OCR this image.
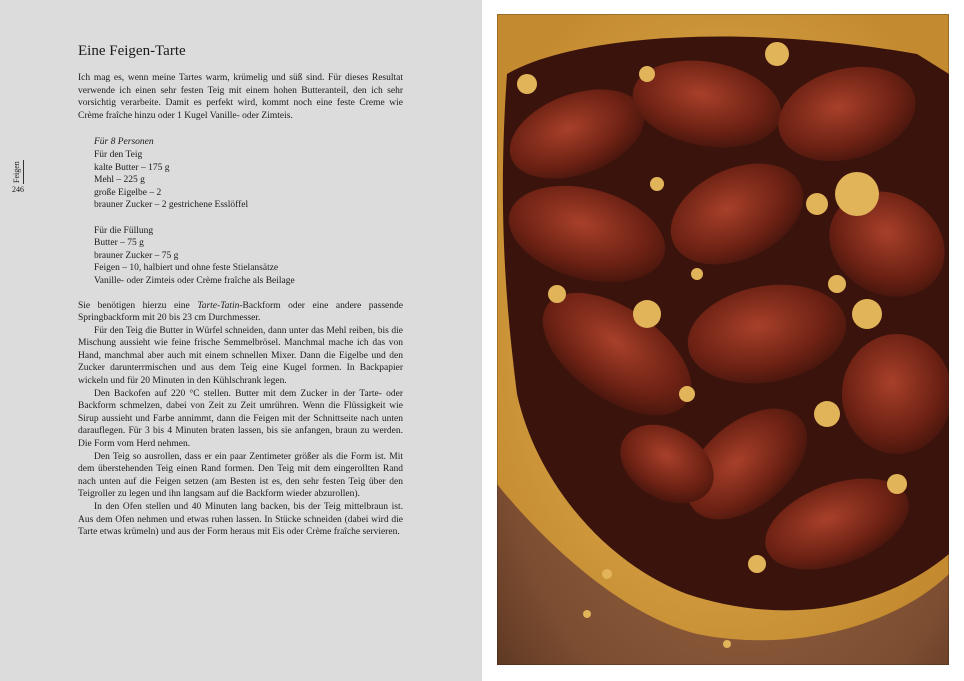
Feigen
246
Eine Feigen-Tarte

Ich mag es, wenn meine Tartes warm, krümelig und süß sind. Für dieses Resultat verwende ich einen sehr festen Teig mit einem hohen Butteranteil, den ich sehr vorsichtig verarbeite. Damit es perfekt wird, kommt noch eine feste Creme wie Crème fraîche hinzu oder 1 Kugel Vanille- oder Zimteis.

Für 8 Personen
Für den Teig
kalte Butter – 175 g
Mehl – 225 g
große Eigelbe – 2
brauner Zucker – 2 gestrichene Esslöffel
Für die Füllung
Butter – 75 g
brauner Zucker – 75 g
Feigen – 10, halbiert und ohne feste Stielansätze
Vanille- oder Zimteis oder Crème fraîche als Beilage
Sie benötigen hierzu eine Tarte-Tatin-Backform oder eine andere passende Springbackform mit 20 bis 23 cm Durchmesser.
Für den Teig die Butter in Würfel schneiden, dann unter das Mehl reiben, bis die Mischung aussieht wie feine frische Semmelbrösel. Manchmal mache ich das von Hand, manchmal aber auch mit einem schnellen Mixer. Dann die Eigelbe und den Zucker darunterrmischen und aus dem Teig eine Kugel formen. In Backpapier wickeln und für 20 Minuten in den Kühlschrank legen.
Den Backofen auf 220 °C stellen. Butter mit dem Zucker in der Tarte- oder Backform schmelzen, dabei von Zeit zu Zeit umrühren. Wenn die Flüssigkeit wie Sirup aussieht und Farbe annimmt, dann die Feigen mit der Schnittseite nach unten darauflegen. Für 3 bis 4 Minuten braten lassen, bis sie anfangen, braun zu werden. Die Form vom Herd nehmen.
Den Teig so ausrollen, dass er ein paar Zentimeter größer als die Form ist. Mit dem überstehenden Teig einen Rand formen. Den Teig mit dem eingerollten Rand nach unten auf die Feigen setzen (am Besten ist es, den sehr festen Teig über den Teigroller zu legen und ihn langsam auf die Backform wieder abzurollen).
In den Ofen stellen und 40 Minuten lang backen, bis der Teig mittelbraun ist. Aus dem Ofen nehmen und etwas ruhen lassen. In Stücke schneiden (dabei wird die Tarte etwas krümeln) und aus der Form heraus mit Eis oder Crème fraîche servieren.
